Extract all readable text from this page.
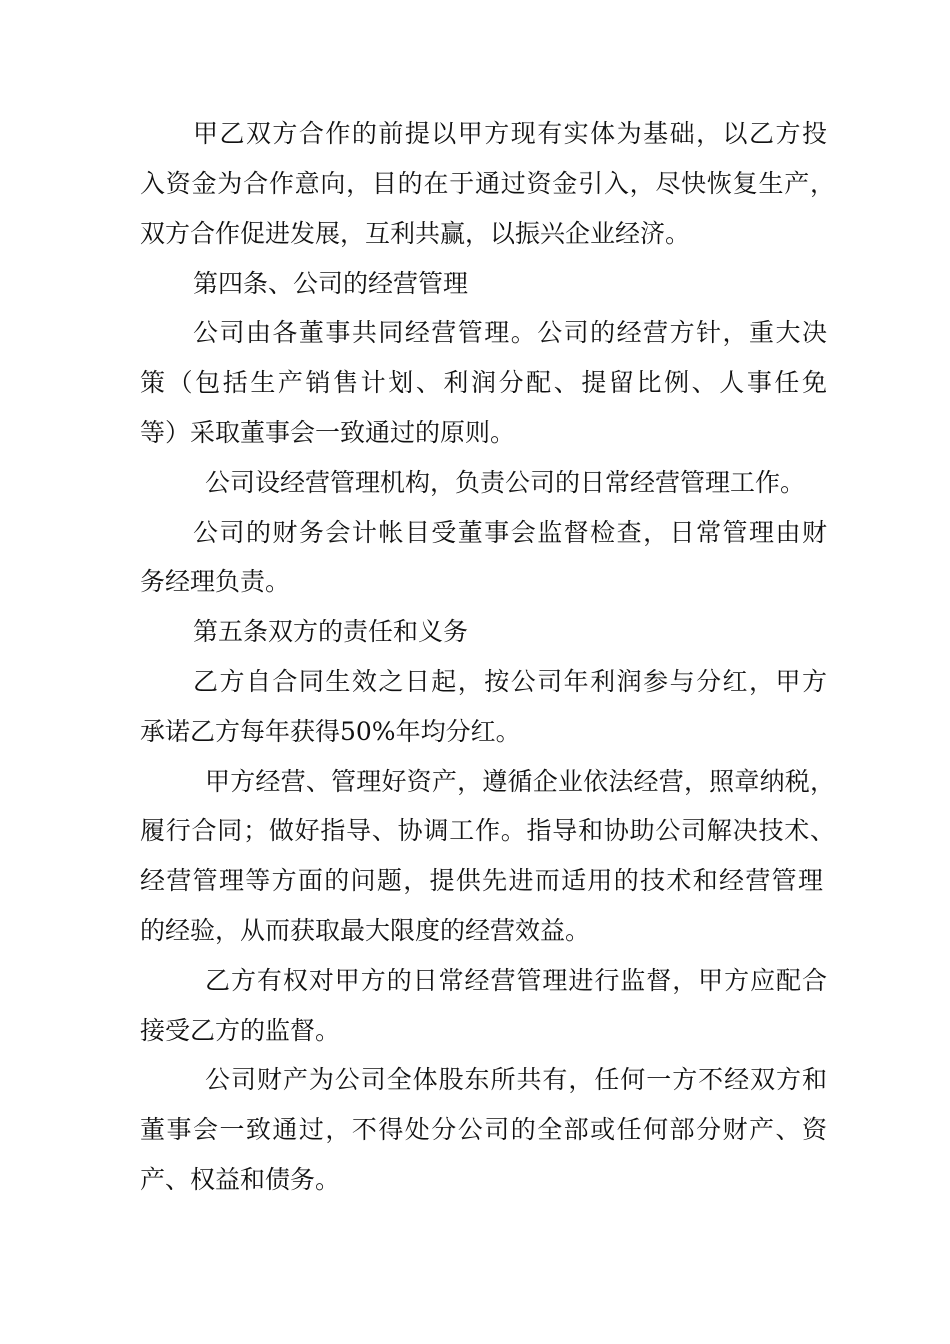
甲乙双方合作的前提以甲方现有实体为基础，以乙方投
入资金为合作意向，目的在于通过资金引入，尽快恢复生产，
双方合作促进发展，互利共赢，以振兴企业经济。
第四条、公司的经营管理
公司由各董事共同经营管理。公司的经营方针，重大决
策（包括生产销售计划、利润分配、提留比例、人事任免
等）采取董事会一致通过的原则。
公司设经营管理机构，负责公司的日常经营管理工作。
公司的财务会计帐目受董事会监督检查，日常管理由财
务经理负责。
第五条双方的责任和义务
乙方自合同生效之日起，按公司年利润参与分红，甲方
承诺乙方每年获得50%年均分红。
甲方经营、管理好资产，遵循企业依法经营，照章纳税，
履行合同；做好指导、协调工作。指导和协助公司解决技术、
经营管理等方面的问题，提供先进而适用的技术和经营管理
的经验，从而获取最大限度的经营效益。
乙方有权对甲方的日常经营管理进行监督，甲方应配合
接受乙方的监督。
公司财产为公司全体股东所共有，任何一方不经双方和
董事会一致通过，不得处分公司的全部或任何部分财产、资
产、权益和债务。
